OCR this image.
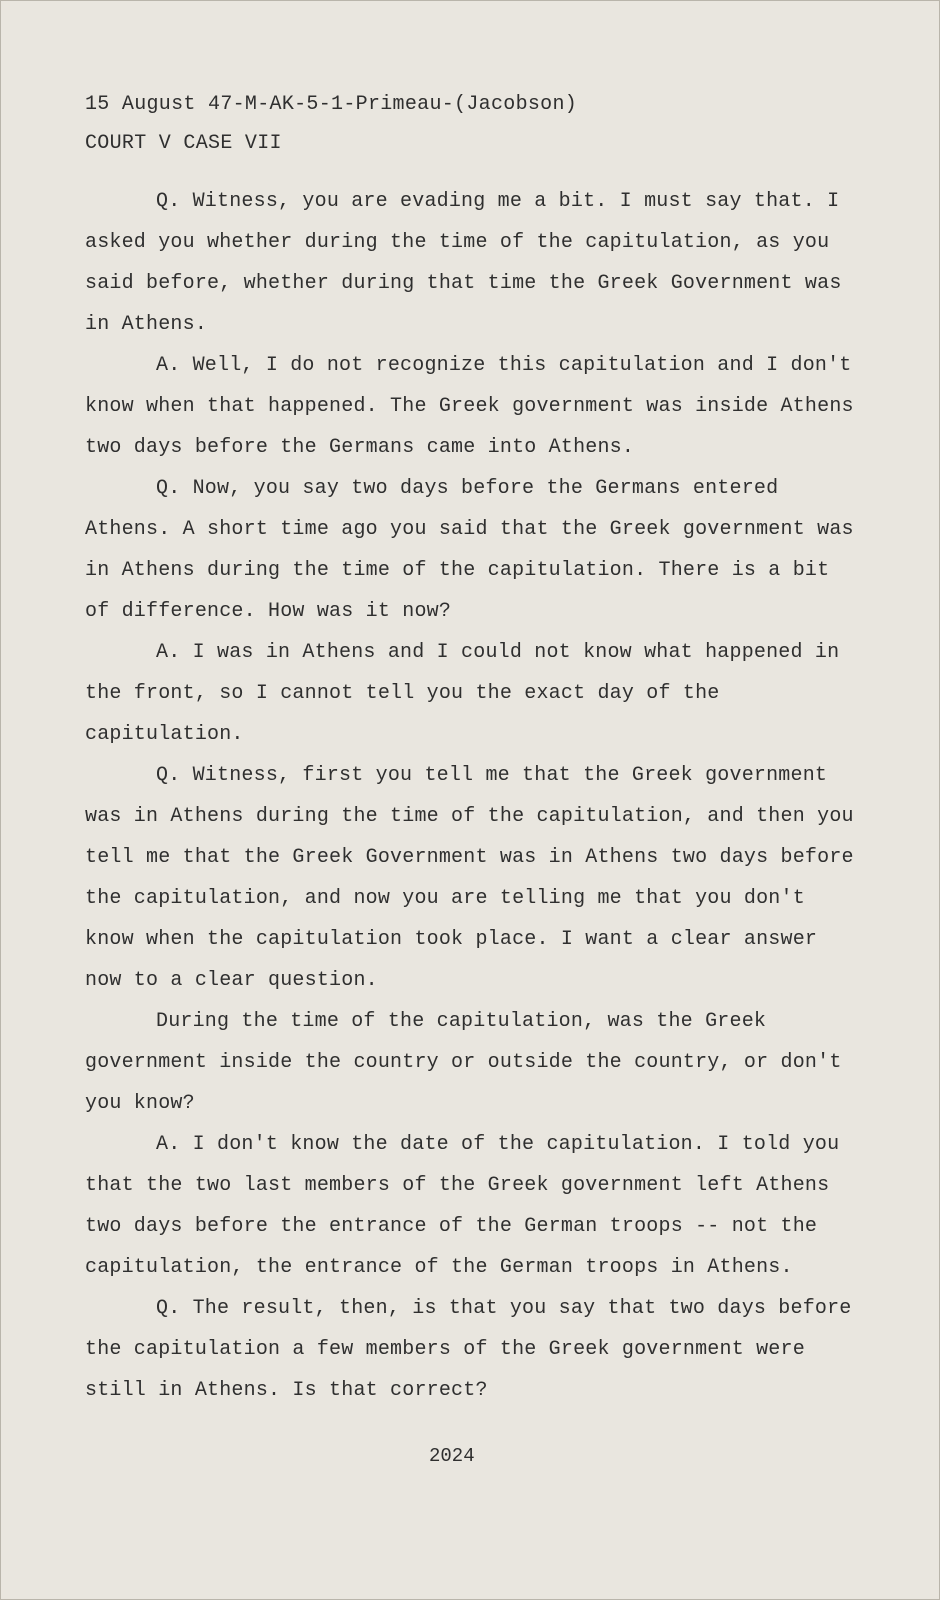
15 August 47-M-AK-5-1-Primeau-(Jacobson)
COURT V CASE VII

Q. Witness, you are evading me a bit. I must say that. I asked you whether during the time of the capitulation, as you said before, whether during that time the Greek Government was in Athens.

A. Well, I do not recognize this capitulation and I don't know when that happened. The Greek government was inside Athens two days before the Germans came into Athens.

Q. Now, you say two days before the Germans entered Athens. A short time ago you said that the Greek government was in Athens during the time of the capitulation. There is a bit of difference. How was it now?

A. I was in Athens and I could not know what happened in the front, so I cannot tell you the exact day of the capitulation.

Q. Witness, first you tell me that the Greek government was in Athens during the time of the capitulation, and then you tell me that the Greek Government was in Athens two days before the capitulation, and now you are telling me that you don't know when the capitulation took place. I want a clear answer now to a clear question.

During the time of the capitulation, was the Greek government inside the country or outside the country, or don't you know?

A. I don't know the date of the capitulation. I told you that the two last members of the Greek government left Athens two days before the entrance of the German troops -- not the capitulation, the entrance of the German troops in Athens.

Q. The result, then, is that you say that two days before the capitulation a few members of the Greek government were still in Athens. Is that correct?

2024
